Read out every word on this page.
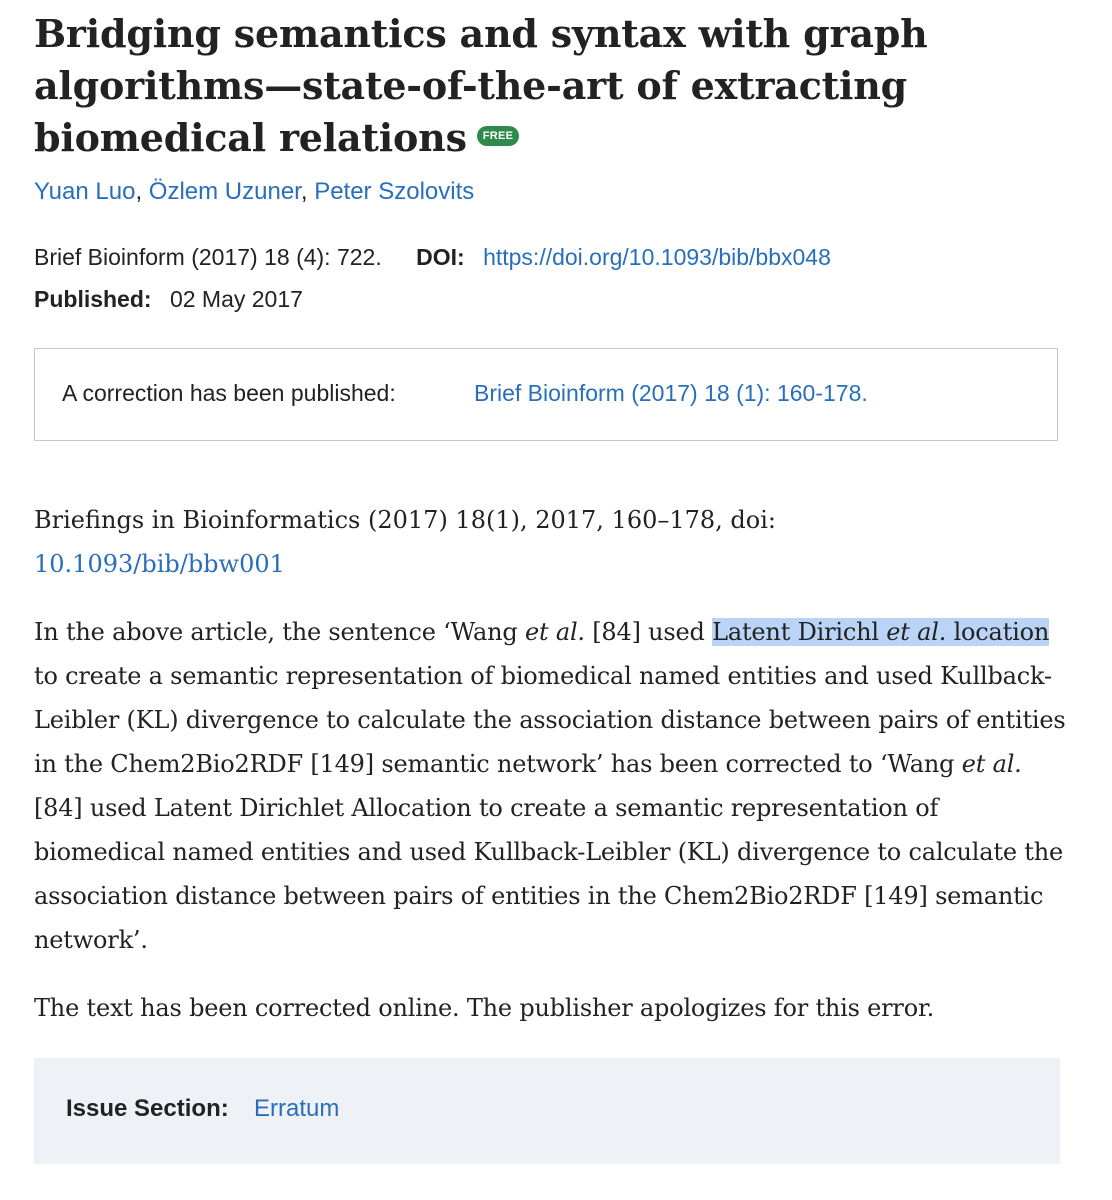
Bridging semantics and syntax with graph algorithms—state-of-the-art of extracting biomedical relations FREE
Yuan Luo, Özlem Uzuner, Peter Szolovits
Brief Bioinform (2017) 18 (4): 722. DOI: https://doi.org/10.1093/bib/bbx048
Published: 02 May 2017
A correction has been published:	Brief Bioinform (2017) 18 (1): 160-178.
Briefings in Bioinformatics (2017) 18(1), 2017, 160–178, doi:
10.1093/bib/bbw001

In the above article, the sentence ‘Wang et al. [84] used Latent Dirichl et al. location to create a semantic representation of biomedical named entities and used Kullback-Leibler (KL) divergence to calculate the association distance between pairs of entities in the Chem2Bio2RDF [149] semantic network’ has been corrected to ‘Wang et al. [84] used Latent Dirichlet Allocation to create a semantic representation of biomedical named entities and used Kullback-Leibler (KL) divergence to calculate the association distance between pairs of entities in the Chem2Bio2RDF [149] semantic network’.

The text has been corrected online. The publisher apologizes for this error.

Issue Section: Erratum
